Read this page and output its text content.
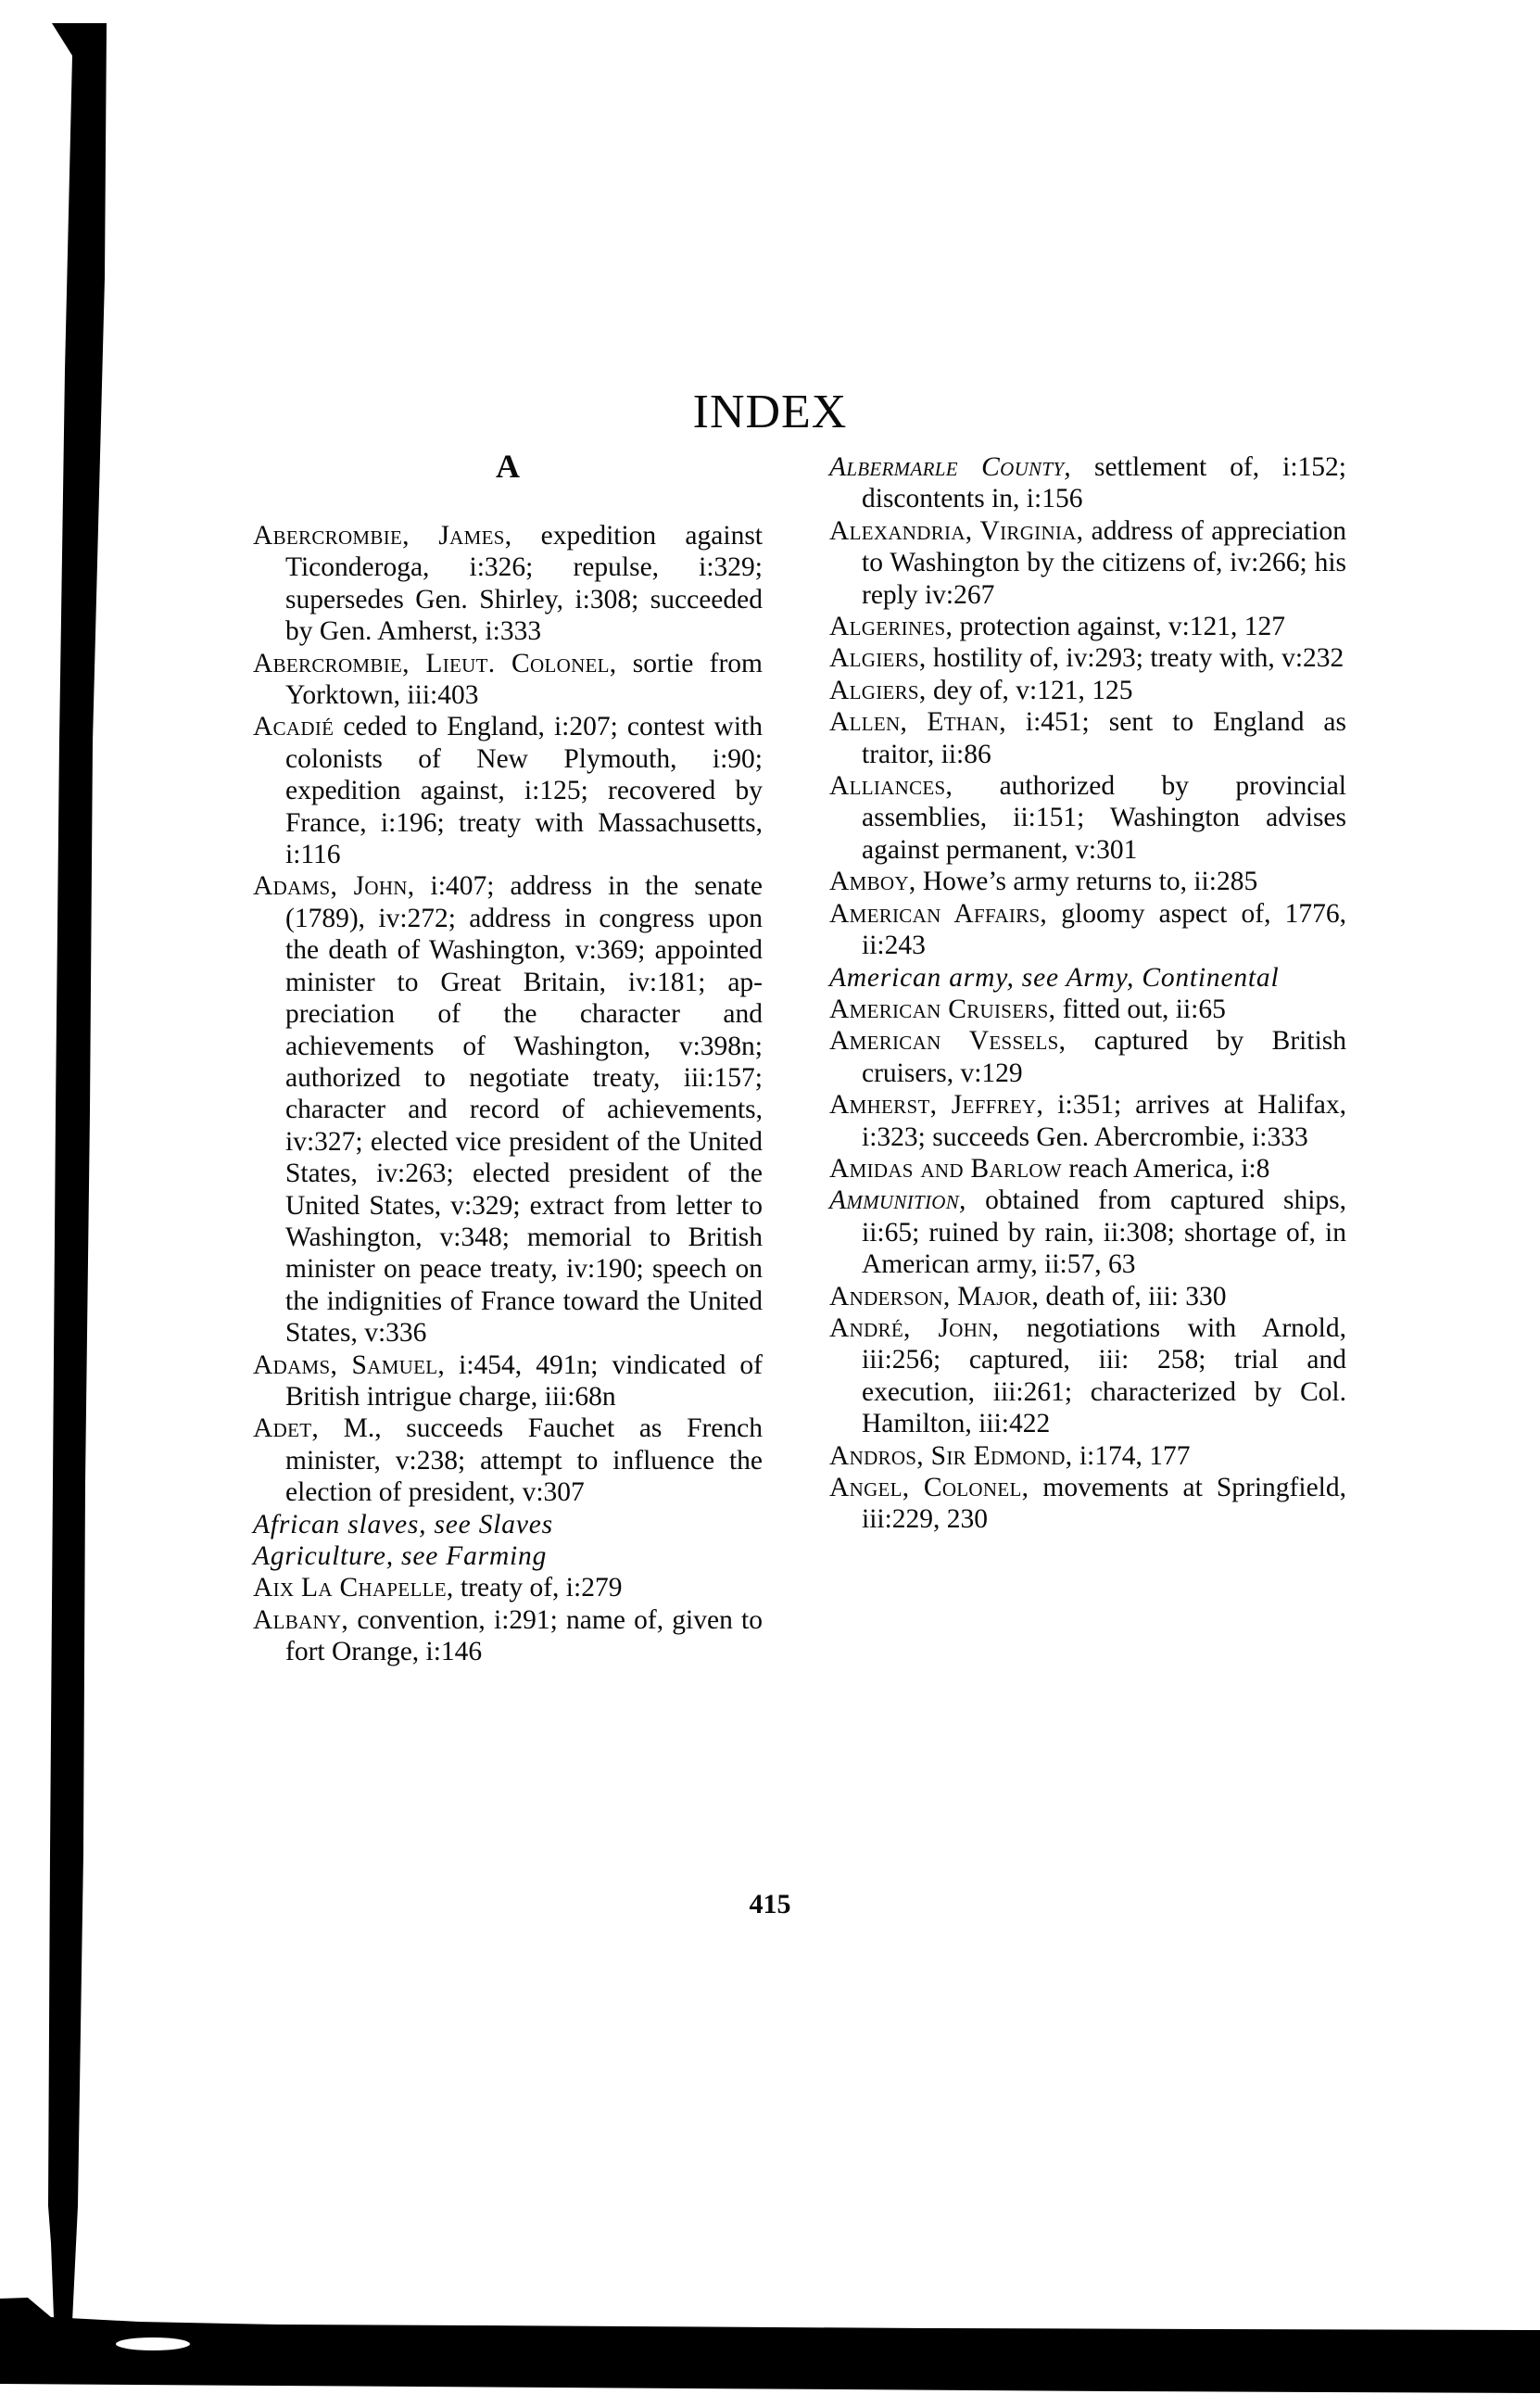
INDEX
A

Abercrombie, James, expedition against Ticonderoga, i:326; repulse, i:329; supersedes Gen. Shirley, i:308; succeeded by Gen. Amherst, i:333

Abercrombie, Lieut. Colonel, sortie from Yorktown, iii:403

Acadié ceded to England, i:207; contest with colonists of New Plymouth, i:90; expedition against, i:125; recovered by France, i:196; treaty with Massachusetts, i:116

Adams, John, i:407; address in the senate (1789), iv:272; address in congress upon the death of Washington, v:369; appointed minister to Great Britain, iv:181; appreciation of the character and achievements of Washington, v:398n; authorized to negotiate treaty, iii:157; character and record of achievements, iv:327; elected vice president of the United States, iv:263; elected president of the United States, v:329; extract from letter to Washington, v:348; memorial to British minister on peace treaty, iv:190; speech on the indignities of France toward the United States, v:336

Adams, Samuel, i:454, 491n; vindicated of British intrigue charge, iii:68n

Adet, M., succeeds Fauchet as French minister, v:238; attempt to influence the election of president, v:307

African slaves, see Slaves

Agriculture, see Farming

Aix La Chapelle, treaty of, i:279

Albany, convention, i:291; name of, given to fort Orange, i:146

Albermarle County, settlement of, i:152; discontents in, i:156

Alexandria, Virginia, address of appreciation to Washington by the citizens of, iv:266; his reply iv:267

Algerines, protection against, v:121, 127

Algiers, hostility of, iv:293; treaty with, v:232

Algiers, dey of, v:121, 125

Allen, Ethan, i:451; sent to England as traitor, ii:86

Alliances, authorized by provincial assemblies, ii:151; Washington advises against permanent, v:301

Amboy, Howe’s army returns to, ii:285

American Affairs, gloomy aspect of, 1776, ii:243

American army, see Army, Continental

American Cruisers, fitted out, ii:65

American Vessels, captured by British cruisers, v:129

Amherst, Jeffrey, i:351; arrives at Halifax, i:323; succeeds Gen. Abercrombie, i:333

Amidas and Barlow reach America, i:8

Ammunition, obtained from captured ships, ii:65; ruined by rain, ii:308; shortage of, in American army, ii:57, 63

Anderson, Major, death of, iii: 330

André, John, negotiations with Arnold, iii:256; captured, iii: 258; trial and execution, iii:261; characterized by Col. Hamilton, iii:422

Andros, Sir Edmond, i:174, 177

Angel, Colonel, movements at Springfield, iii:229, 230

415
